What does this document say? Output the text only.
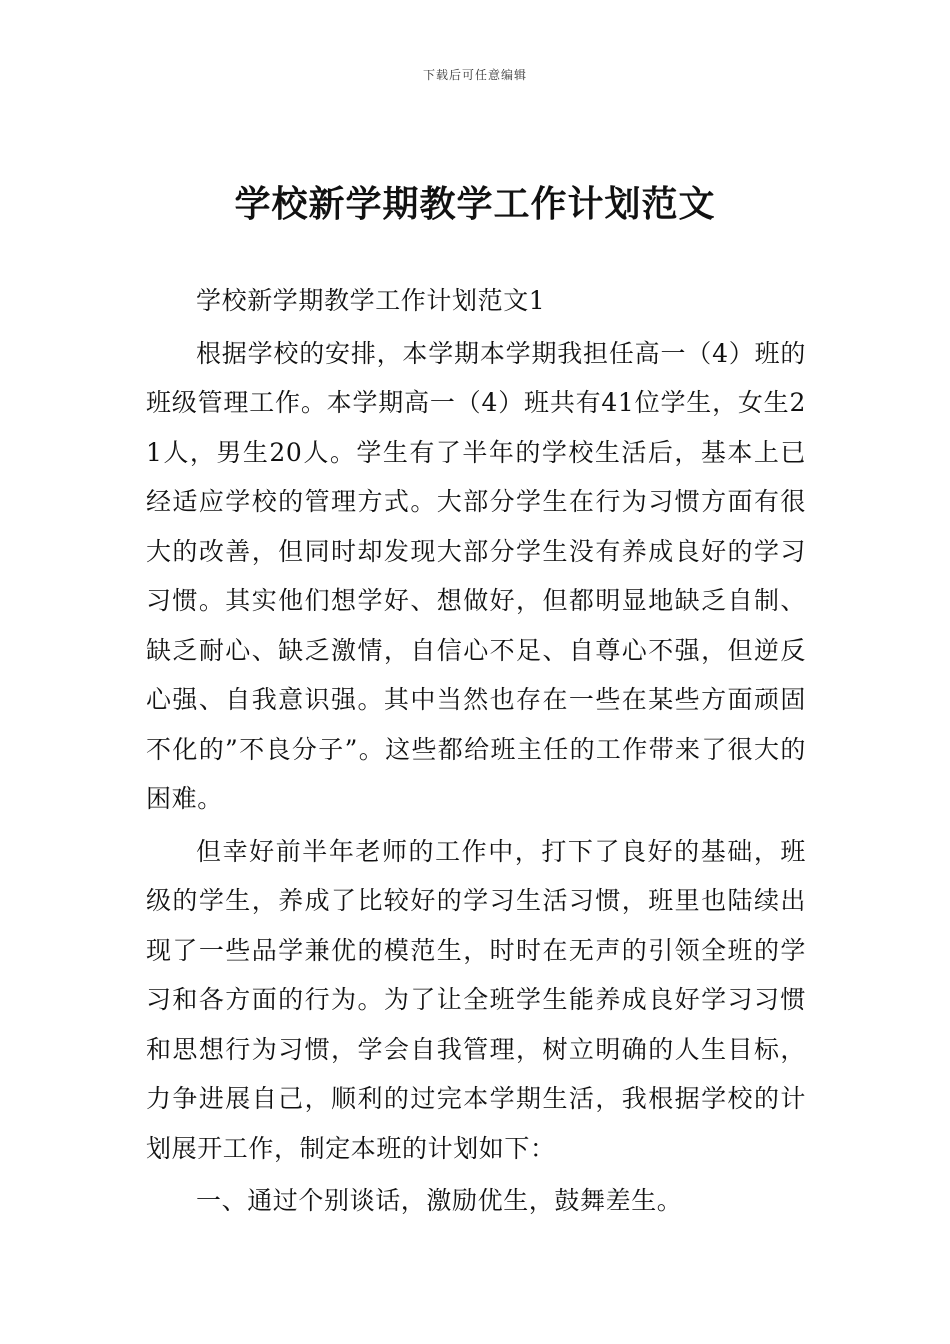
下载后可任意编辑
学校新学期教学工作计划范文

学校新学期教学工作计划范文1

根据学校的安排，本学期本学期我担任高一（4）班的班级管理工作。本学期高一（4）班共有41位学生，女生21人，男生20人。学生有了半年的学校生活后，基本上已经适应学校的管理方式。大部分学生在行为习惯方面有很大的改善，但同时却发现大部分学生没有养成良好的学习习惯。其实他们想学好、想做好，但都明显地缺乏自制、缺乏耐心、缺乏激情，自信心不足、自尊心不强，但逆反心强、自我意识强。其中当然也存在一些在某些方面顽固不化的”不良分子”。这些都给班主任的工作带来了很大的困难。

但幸好前半年老师的工作中，打下了良好的基础，班级的学生，养成了比较好的学习生活习惯，班里也陆续出现了一些品学兼优的模范生，时时在无声的引领全班的学习和各方面的行为。为了让全班学生能养成良好学习习惯和思想行为习惯，学会自我管理，树立明确的人生目标，力争进展自己，顺利的过完本学期生活，我根据学校的计划展开工作，制定本班的计划如下：

一、通过个别谈话，激励优生，鼓舞差生。
